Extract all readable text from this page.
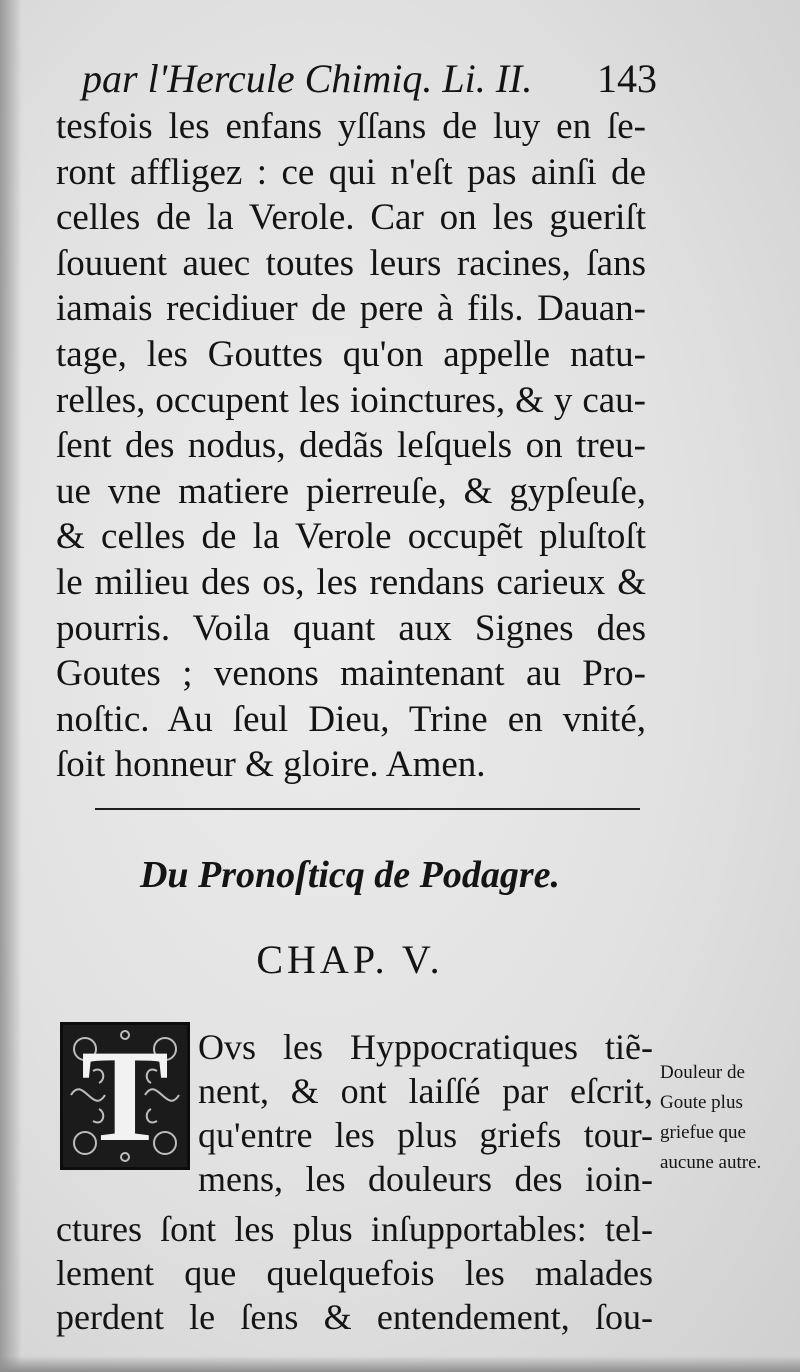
par l'Hercule Chimiq. Li. II. 143
tesfois les enfans yſſans de luy en ſe-
ront affligez : ce qui n'eſt pas ainſi de
celles de la Verole. Car on les gueriſt
ſouuent auec toutes leurs racines, ſans
iamais recidiuer de pere à fils. Dauan-
tage, les Gouttes qu'on appelle natu-
relles, occupent les ioinctures, & y cau-
ſent des nodus, dedãs leſquels on treu-
ue vne matiere pierreuſe, & gypſeuſe,
& celles de la Verole occupẽt pluſtoſt
le milieu des os, les rendans carieux &
pourris. Voila quant aux Signes des
Goutes ; venons maintenant au Pro-
noſtic. Au ſeul Dieu, Trine en vnité,
ſoit honneur & gloire. Amen.
Du Pronoſticq de Podagre.
CHAP. V.
T Ovs les Hyppocratiques tiẽ-
nent, & ont laiſſé par eſcrit,
qu'entre les plus griefs tour-
mens, les douleurs des ioin-
ctures ſont les plus inſupportables: tel-
lement que quelquefois les malades
perdent le ſens & entendement, ſou-
Douleur de Goute plus griefue que aucune autre.
